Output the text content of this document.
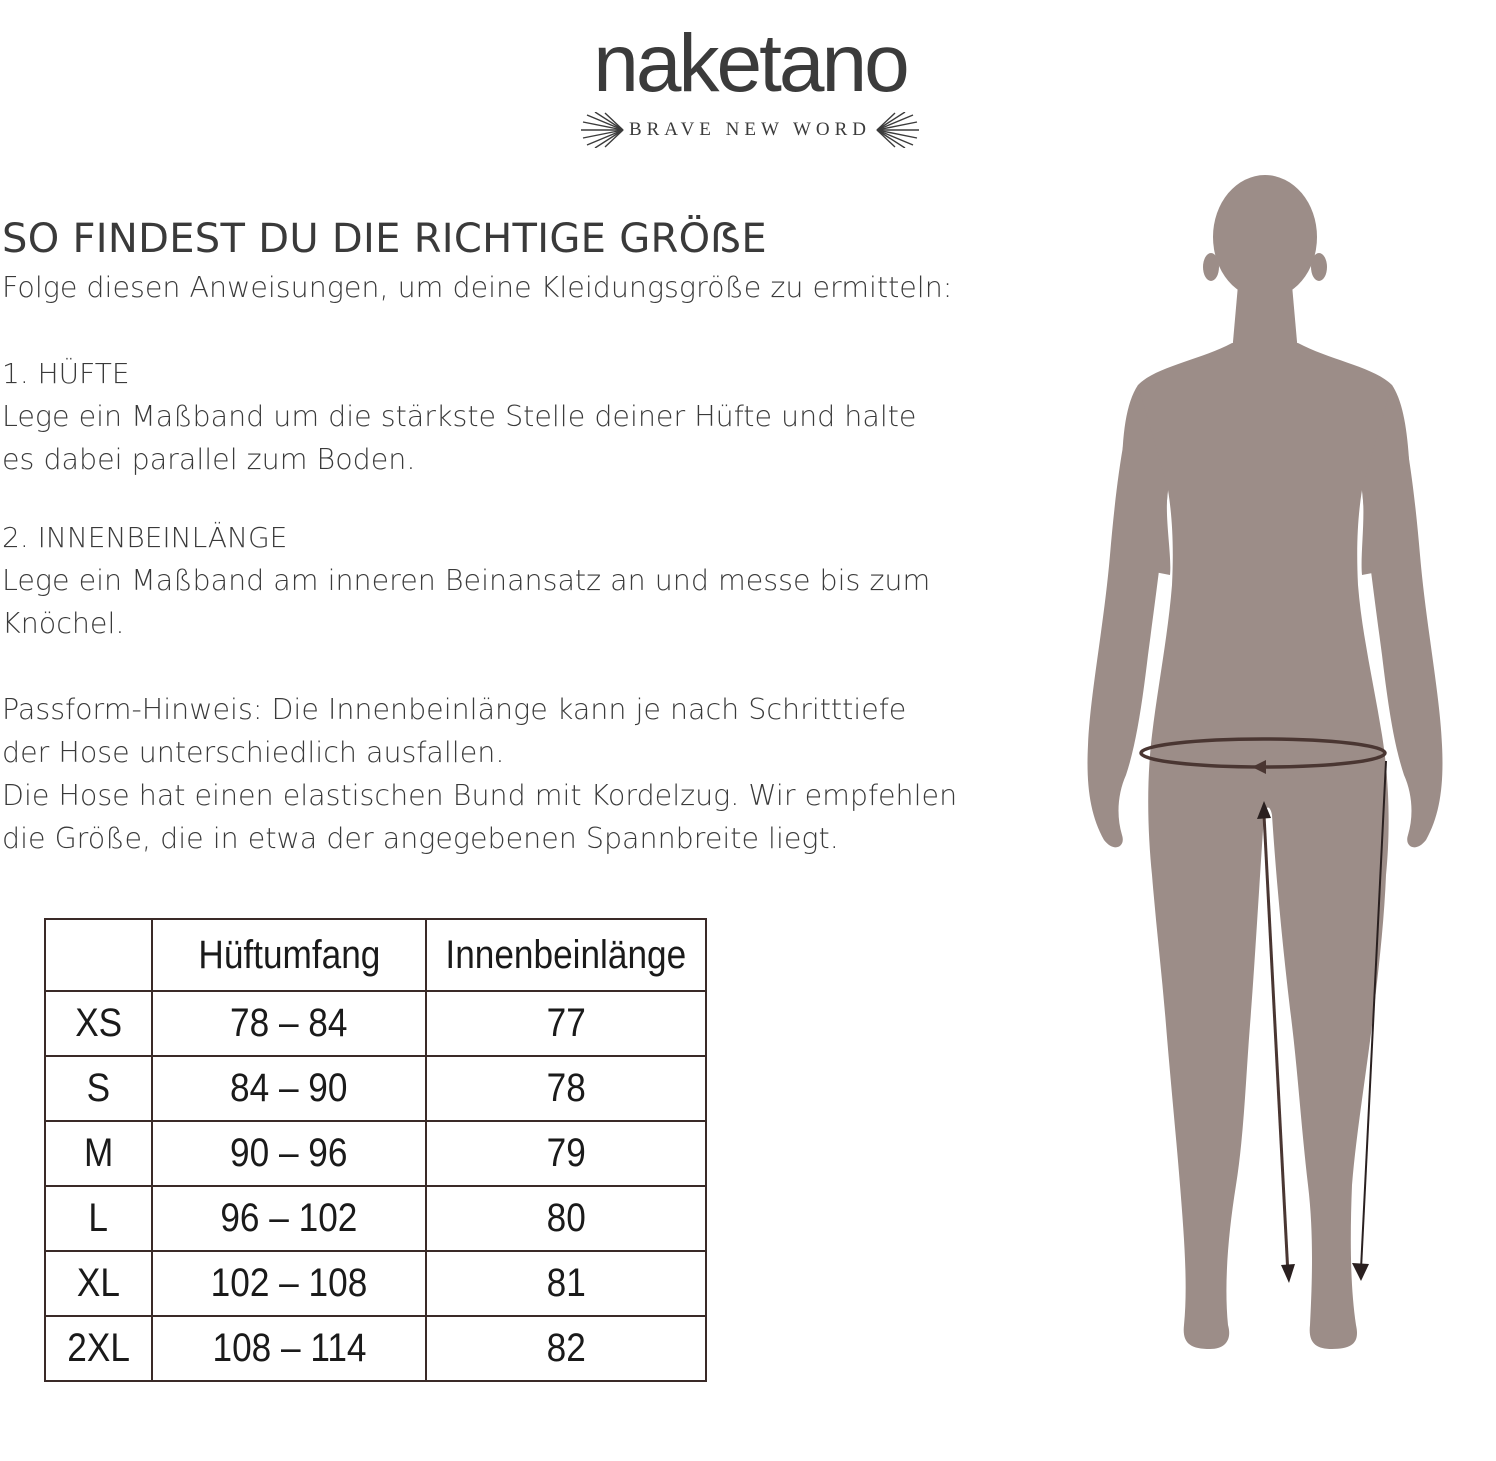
naketano
BRAVE NEW WORD
SO FINDEST DU DIE RICHTIGE GRÖẞE
Folge diesen Anweisungen, um deine Kleidungsgröße zu ermitteln:
1. HÜFTE
Lege ein Maßband um die stärkste Stelle deiner Hüfte und halte
es dabei parallel zum Boden.
2. INNENBEINLÄNGE
Lege ein Maßband am inneren Beinansatz an und messe bis zum
Knöchel.
Passform-Hinweis: Die Innenbeinlänge kann je nach Schritttiefe
der Hose unterschiedlich ausfallen.
Die Hose hat einen elastischen Bund mit Kordelzug. Wir empfehlen
die Größe, die in etwa der angegebenen Spannbreite liegt.
	Hüftumfang	Innenbeinlänge
XS	78 – 84	77
S	84 – 90	78
M	90 – 96	79
L	96 – 102	80
XL	102 – 108	81
2XL	108 – 114	82
